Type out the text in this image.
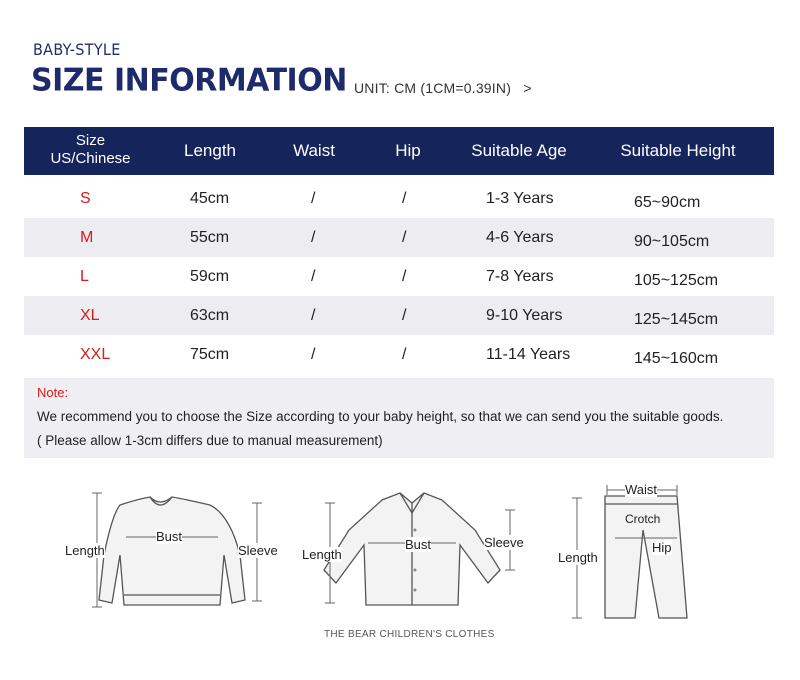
BABY-STYLE
SIZE INFORMATION UNIT: CM (1CM=0.39IN)   >
Size
US/Chinese	Length	Waist	Hip	Suitable Age	Suitable Height
S	45cm	/	/	1-3 Years	65~90cm
M	55cm	/	/	4-6 Years	90~105cm
L	59cm	/	/	7-8 Years	105~125cm
XL	63cm	/	/	9-10 Years	125~145cm
XXL	75cm	/	/	11-14 Years	145~160cm
Note:
We recommend you to choose the Size according to your baby height, so that we can send you the suitable goods.
( Please allow 1-3cm differs due to manual measurement)
Length
Bust
Sleeve Length
Bust	Sleeve
Waist
Crotch
Hip
Length
THE BEAR CHILDREN'S CLOTHES
